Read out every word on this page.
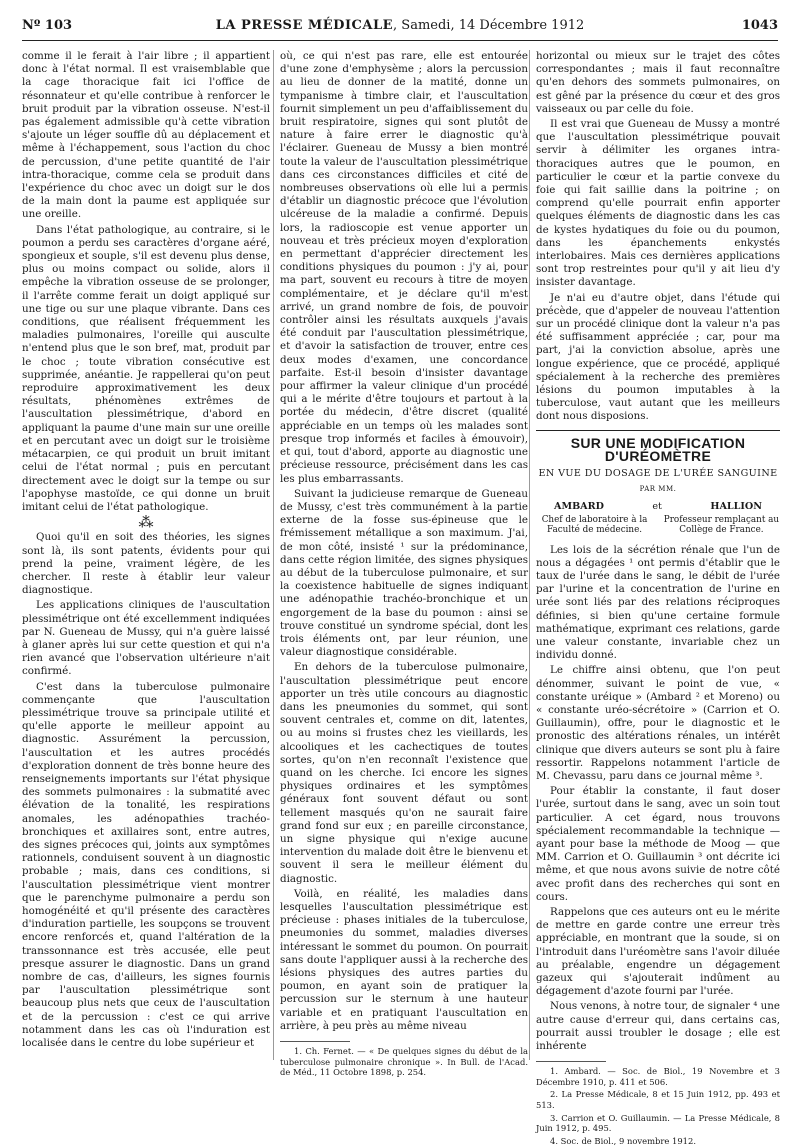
Nº 103	LA PRESSE MÉDICALE, Samedi, 14 Décembre 1912	1043

comme il le ferait à l'air libre ; il appartient donc à l'état normal. Il est vraisemblable que la cage thoracique fait ici l'office de résonnateur et qu'elle contribue à renforcer le bruit produit par la vibration osseuse. N'est-il pas également admissible qu'à cette vibration s'ajoute un léger souffle dû au déplacement et même à l'échappement, sous l'action du choc de percussion, d'une petite quantité de l'air intra-thoracique, comme cela se produit dans l'expérience du choc avec un doigt sur le dos de la main dont la paume est appliquée sur une oreille.

Dans l'état pathologique, au contraire, si le poumon a perdu ses caractères d'organe aéré, spongieux et souple, s'il est devenu plus dense, plus ou moins compact ou solide, alors il empêche la vibration osseuse de se prolonger, il l'arrête comme ferait un doigt appliqué sur une tige ou sur une plaque vibrante. Dans ces conditions, que réalisent fréquemment les maladies pulmonaires, l'oreille qui ausculte n'entend plus que le son bref, mat, produit par le choc ; toute vibration consécutive est supprimée, anéantie. Je rappellerai qu'on peut reproduire approximativement les deux résultats, phénomènes extrêmes de l'auscultation plessimétrique, d'abord en appliquant la paume d'une main sur une oreille et en percutant avec un doigt sur le troisième métacarpien, ce qui produit un bruit imitant celui de l'état normal ; puis en percutant directement avec le doigt sur la tempe ou sur l'apophyse mastoïde, ce qui donne un bruit imitant celui de l'état pathologique.

⁂

Quoi qu'il en soit des théories, les signes sont là, ils sont patents, évidents pour qui prend la peine, vraiment légère, de les chercher. Il reste à établir leur valeur diagnostique.

Les applications cliniques de l'auscultation plessimétrique ont été excellemment indiquées par N. Gueneau de Mussy, qui n'a guère laissé à glaner après lui sur cette question et qui n'a rien avancé que l'observation ultérieure n'ait confirmé.

C'est dans la tuberculose pulmonaire commençante que l'auscultation plessimétrique trouve sa principale utilité et qu'elle apporte le meilleur appoint au diagnostic. Assurément la percussion, l'auscultation et les autres procédés d'exploration donnent de très bonne heure des renseignements importants sur l'état physique des sommets pulmonaires : la submatité avec élévation de la tonalité, les respirations anomales, les adénopathies trachéo-bronchiques et axillaires sont, entre autres, des signes précoces qui, joints aux symptômes rationnels, conduisent souvent à un diagnostic probable ; mais, dans ces conditions, si l'auscultation plessimétrique vient montrer que le parenchyme pulmonaire a perdu son homogénéité et qu'il présente des caractères d'induration partielle, les soupçons se trouvent encore renforcés et, quand l'altération de la transsonnance est très accusée, elle peut presque assurer le diagnostic. Dans un grand nombre de cas, d'ailleurs, les signes fournis par l'auscultation plessimétrique sont beaucoup plus nets que ceux de l'auscultation et de la percussion : c'est ce qui arrive notamment dans les cas où l'induration est localisée dans le centre du lobe supérieur et

où, ce qui n'est pas rare, elle est entourée d'une zone d'emphysème ; alors la percussion au lieu de donner de la matité, donne un tympanisme à timbre clair, et l'auscultation fournit simplement un peu d'affaiblissement du bruit respiratoire, signes qui sont plutôt de nature à faire errer le diagnostic qu'à l'éclairer. Gueneau de Mussy a bien montré toute la valeur de l'auscultation plessimétrique dans ces circonstances difficiles et cité de nombreuses observations où elle lui a permis d'établir un diagnostic précoce que l'évolution ulcéreuse de la maladie a confirmé. Depuis lors, la radioscopie est venue apporter un nouveau et très précieux moyen d'exploration en permettant d'apprécier directement les conditions physiques du poumon : j'y ai, pour ma part, souvent eu recours à titre de moyen complémentaire, et je déclare qu'il m'est arrivé, un grand nombre de fois, de pouvoir contrôler ainsi les résultats auxquels j'avais été conduit par l'auscultation plessimétrique, et d'avoir la satisfaction de trouver, entre ces deux modes d'examen, une concordance parfaite. Est-il besoin d'insister davantage pour affirmer la valeur clinique d'un procédé qui a le mérite d'être toujours et partout à la portée du médecin, d'être discret (qualité appréciable en un temps où les malades sont presque trop informés et faciles à émouvoir), et qui, tout d'abord, apporte au diagnostic une précieuse ressource, précisément dans les cas les plus embarrassants.

Suivant la judicieuse remarque de Gueneau de Mussy, c'est très communément à la partie externe de la fosse sus-épineuse que le frémissement métallique a son maximum. J'ai, de mon côté, insisté ¹ sur la prédominance, dans cette région limitée, des signes physiques au début de la tuberculose pulmonaire, et sur la coexistence habituelle de signes indiquant une adénopathie trachéo-bronchique et un engorgement de la base du poumon : ainsi se trouve constitué un syndrome spécial, dont les trois éléments ont, par leur réunion, une valeur diagnostique considérable.

En dehors de la tuberculose pulmonaire, l'auscultation plessimétrique peut encore apporter un très utile concours au diagnostic dans les pneumonies du sommet, qui sont souvent centrales et, comme on dit, latentes, ou au moins si frustes chez les vieillards, les alcooliques et les cachectiques de toutes sortes, qu'on n'en reconnaît l'existence que quand on les cherche. Ici encore les signes physiques ordinaires et les symptômes généraux font souvent défaut ou sont tellement masqués qu'on ne saurait faire grand fond sur eux ; en pareille circonstance, un signe physique qui n'exige aucune intervention du malade doit être le bienvenu et souvent il sera le meilleur élément du diagnostic.

Voilà, en réalité, les maladies dans lesquelles l'auscultation plessimétrique est précieuse : phases initiales de la tuberculose, pneumonies du sommet, maladies diverses intéressant le sommet du poumon. On pourrait sans doute l'appliquer aussi à la recherche des lésions physiques des autres parties du poumon, en ayant soin de pratiquer la percussion sur le sternum à une hauteur variable et en pratiquant l'auscultation en arrière, à peu près au même niveau

1. Ch. Fernet. — « De quelques signes du début de la tuberculose pulmonaire chronique ». In Bull. de l'Acad. de Méd., 11 Octobre 1898, p. 254.

horizontal ou mieux sur le trajet des côtes correspondantes ; mais il faut reconnaître qu'en dehors des sommets pulmonaires, on est gêné par la présence du cœur et des gros vaisseaux ou par celle du foie.

Il est vrai que Gueneau de Mussy a montré que l'auscultation plessimétrique pouvait servir à délimiter les organes intra-thoraciques autres que le poumon, en particulier le cœur et la partie convexe du foie qui fait saillie dans la poitrine ; on comprend qu'elle pourrait enfin apporter quelques éléments de diagnostic dans les cas de kystes hydatiques du foie ou du poumon, dans les épanchements enkystés interlobaires. Mais ces dernières applications sont trop restreintes pour qu'il y ait lieu d'y insister davantage.

Je n'ai eu d'autre objet, dans l'étude qui précède, que d'appeler de nouveau l'attention sur un procédé clinique dont la valeur n'a pas été suffisamment appréciée ; car, pour ma part, j'ai la conviction absolue, après une longue expérience, que ce procédé, appliqué spécialement à la recherche des premières lésions du poumon imputables à la tuberculose, vaut autant que les meilleurs dont nous disposions.

SUR UNE MODIFICATION D'URÉOMÈTRE
EN VUE DU DOSAGE DE L'URÉE SANGUINE
PAR MM.
AMBARD	et	HALLION
Chef de laboratoire à la Faculté de médecine.
Professeur remplaçant au Collège de France.

Les lois de la sécrétion rénale que l'un de nous a dégagées ¹ ont permis d'établir que le taux de l'urée dans le sang, le débit de l'urée par l'urine et la concentration de l'urine en urée sont liés par des relations réciproques définies, si bien qu'une certaine formule mathématique, exprimant ces relations, garde une valeur constante, invariable chez un individu donné.

Le chiffre ainsi obtenu, que l'on peut dénommer, suivant le point de vue, « constante uréique » (Ambard ² et Moreno) ou « constante uréo-sécrétoire » (Carrion et O. Guillaumin), offre, pour le diagnostic et le pronostic des altérations rénales, un intérêt clinique que divers auteurs se sont plu à faire ressortir. Rappelons notamment l'article de M. Chevassu, paru dans ce journal même ³.

Pour établir la constante, il faut doser l'urée, surtout dans le sang, avec un soin tout particulier. A cet égard, nous trouvons spécialement recommandable la technique — ayant pour base la méthode de Moog — que MM. Carrion et O. Guillaumin ³ ont décrite ici même, et que nous avons suivie de notre côté avec profit dans des recherches qui sont en cours.

Rappelons que ces auteurs ont eu le mérite de mettre en garde contre une erreur très appréciable, en montrant que la soude, si on l'introduit dans l'uréomètre sans l'avoir diluée au préalable, engendre un dégagement gazeux qui s'ajouterait indûment au dégagement d'azote fourni par l'urée.

Nous venons, à notre tour, de signaler ⁴ une autre cause d'erreur qui, dans certains cas, pourrait aussi troubler le dosage ; elle est inhérente

1. Ambard. — Soc. de Biol., 19 Novembre et 3 Décembre 1910, p. 411 et 506.

2. La Presse Médicale, 8 et 15 Juin 1912, pp. 493 et 513.

3. Carrion et O. Guillaumin. — La Presse Médicale, 8 Juin 1912, p. 495.

4. Soc. de Biol., 9 novembre 1912.
